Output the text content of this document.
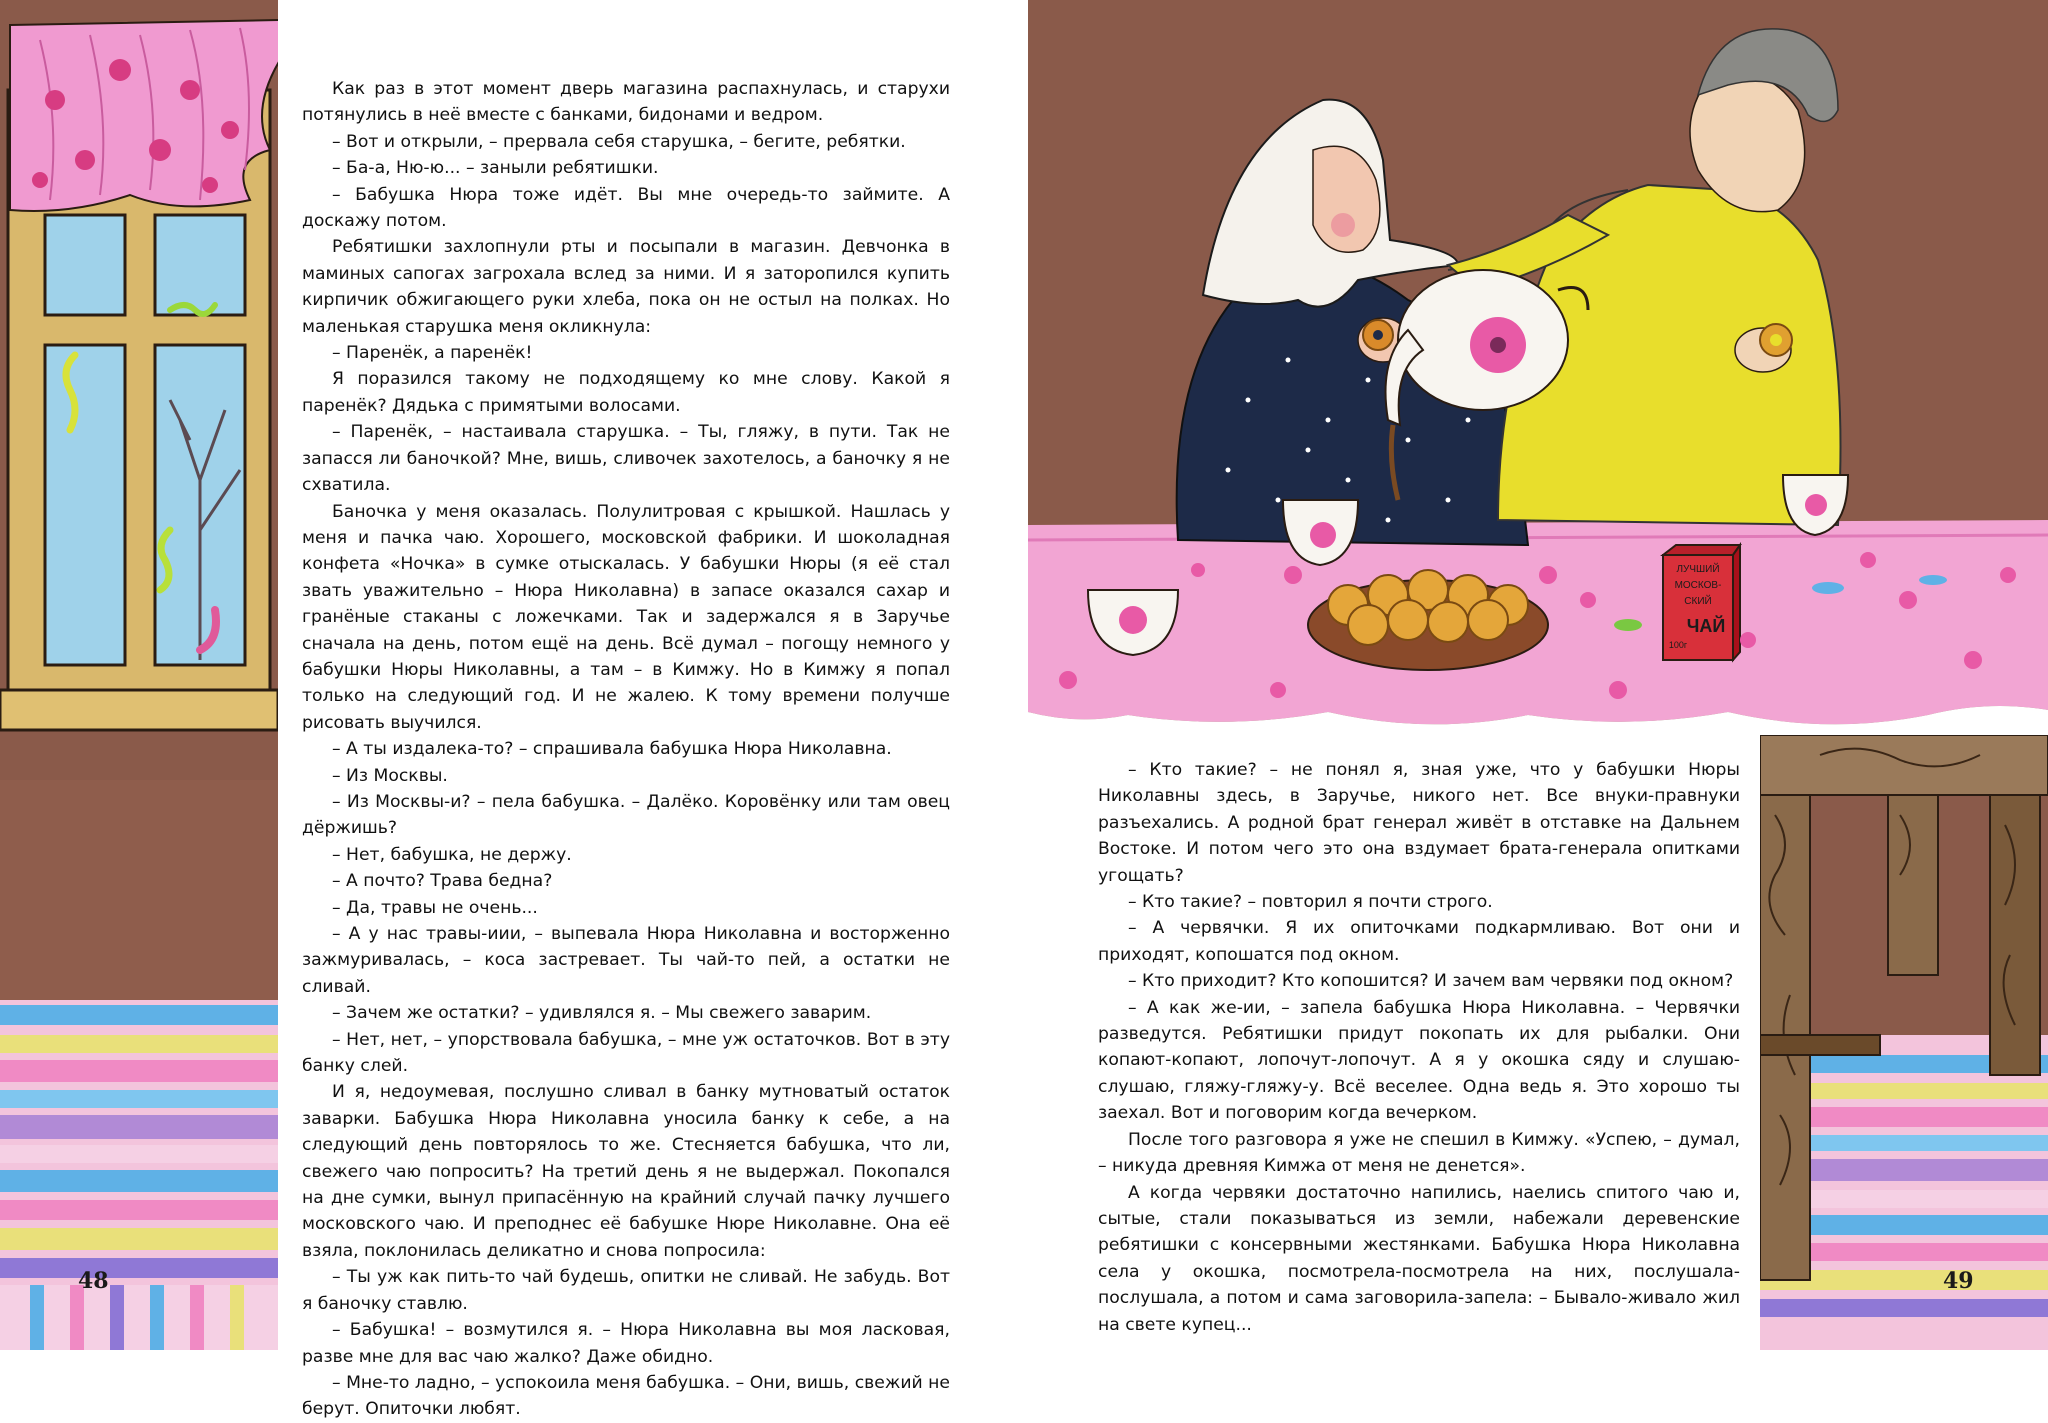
Как раз в этот момент дверь магазина распахнулась, и старухи потянулись в неё вместе с банками, бидонами и ведром.

– Вот и открыли, – прервала себя старушка, – бегите, ребятки.

– Ба-а, Ню-ю... – заныли ребятишки.

– Бабушка Нюра тоже идёт. Вы мне очередь-то займите. А доскажу потом.

Ребятишки захлопнули рты и посыпали в магазин. Девчонка в маминых сапогах загрохала вслед за ними. И я заторопился купить кирпичик обжигающего руки хлеба, пока он не остыл на полках. Но маленькая старушка меня окликнула:

– Паренёк, а паренёк!

Я поразился такому не подходящему ко мне слову. Какой я паренёк? Дядька с примятыми волосами.

– Паренёк, – настаивала старушка. – Ты, гляжу, в пути. Так не запасся ли баночкой? Мне, вишь, сливочек захотелось, а баночку я не схватила.

Баночка у меня оказалась. Полулитровая с крышкой. Нашлась у меня и пачка чаю. Хорошего, московской фабрики. И шоколадная конфета «Ночка» в сумке отыскалась. У бабушки Нюры (я её стал звать уважительно – Нюра Николавна) в запасе оказался сахар и гранёные стаканы с ложечками. Так и задержался я в Заручье сначала на день, потом ещё на день. Всё думал – погощу немного у бабушки Нюры Николавны, а там – в Кимжу. Но в Кимжу я попал только на следующий год. И не жалею. К тому времени получше рисовать выучился.

– А ты издалека-то? – спрашивала бабушка Нюра Николавна.

– Из Москвы.

– Из Москвы-и? – пела бабушка. – Далёко. Коровёнку или там овец дёржишь?

– Нет, бабушка, не держу.

– А почто? Трава бедна?

– Да, травы не очень...

– А у нас травы-иии, – выпевала Нюра Николавна и восторженно зажмуривалась, – коса застревает. Ты чай-то пей, а остатки не сливай.

– Зачем же остатки? – удивлялся я. – Мы свежего заварим.

– Нет, нет, – упорствовала бабушка, – мне уж остаточков. Вот в эту банку слей.

И я, недоумевая, послушно сливал в банку мутноватый остаток заварки. Бабушка Нюра Николавна уносила банку к себе, а на следующий день повторялось то же. Стесняется бабушка, что ли, свежего чаю попросить? На третий день я не выдержал. Покопался на дне сумки, вынул припасённую на крайний случай пачку лучшего московского чаю. И преподнес её бабушке Нюре Николавне. Она её взяла, поклонилась деликатно и снова попросила:

– Ты уж как пить-то чай будешь, опитки не сливай. Не забудь. Вот я баночку ставлю.

– Бабушка! – возмутился я. – Нюра Николавна вы моя ласковая, разве мне для вас чаю жалко? Даже обидно.

– Мне-то ладно, – успокоила меня бабушка. – Они, вишь, свежий не берут. Опиточки любят.

48
ЛУЧШИЙ
МОСКОВ-
СКИЙ
ЧАЙ
100г

– Кто такие? – не понял я, зная уже, что у бабушки Нюры Николавны здесь, в Заручье, никого нет. Все внуки-правнуки разъехались. А родной брат генерал живёт в отставке на Дальнем Востоке. И потом чего это она вздумает брата-генерала опитками угощать?

– Кто такие? – повторил я почти строго.

– А червячки. Я их опиточками подкармливаю. Вот они и приходят, копошатся под окном.

– Кто приходит? Кто копошится? И зачем вам червяки под окном?

– А как же-ии, – запела бабушка Нюра Николавна. – Червячки разведутся. Ребятишки придут покопать их для рыбалки. Они копают-копают, лопочут-лопочут. А я у окошка сяду и слушаю-слушаю, гляжу-гляжу-у. Всё веселее. Одна ведь я. Это хорошо ты заехал. Вот и поговорим когда вечерком.

После того разговора я уже не спешил в Кимжу. «Успею, – думал, – никуда древняя Кимжа от меня не денется».

А когда червяки достаточно напились, наелись спитого чаю и, сытые, стали показываться из земли, набежали деревенские ребятишки с консервными жестянками. Бабушка Нюра Николавна села у окошка, посмотрела-посмотрела на них, послушала-послушала, а потом и сама заговорила-запела: – Бывало-живало жил на свете купец...

49
